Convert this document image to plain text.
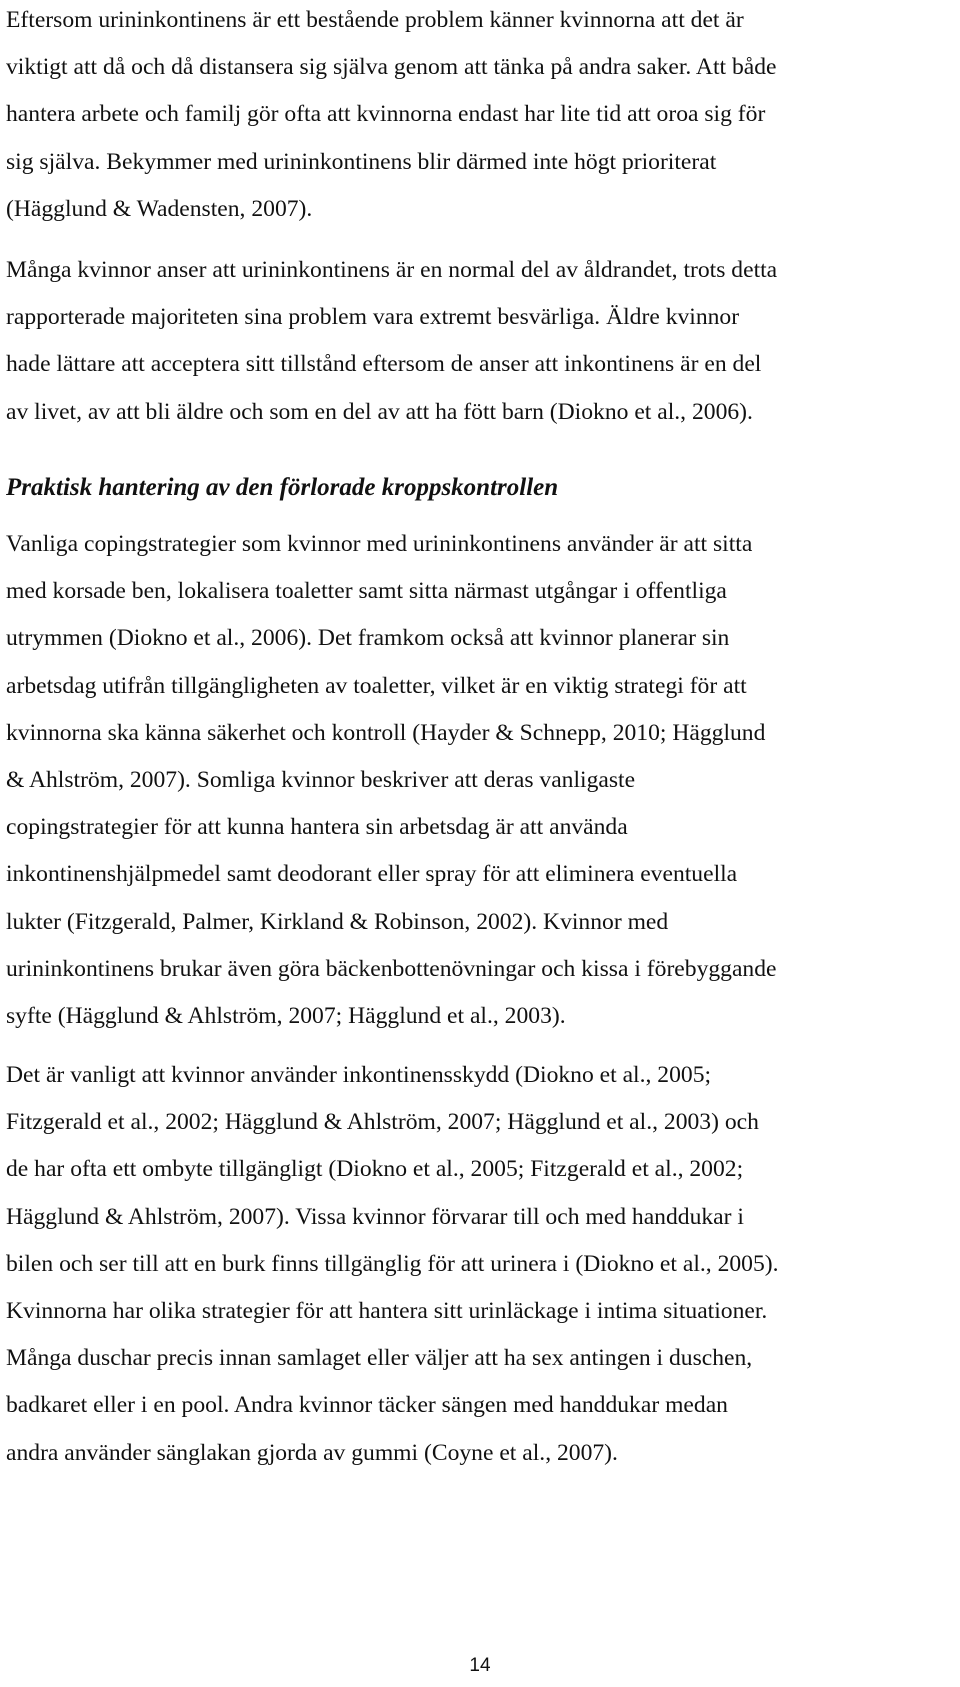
Eftersom urininkontinens är ett bestående problem känner kvinnorna att det är
viktigt att då och då distansera sig själva genom att tänka på andra saker. Att både
hantera arbete och familj gör ofta att kvinnorna endast har lite tid att oroa sig för
sig själva. Bekymmer med urininkontinens blir därmed inte högt prioriterat
(Hägglund & Wadensten, 2007).
Många kvinnor anser att urininkontinens är en normal del av åldrandet, trots detta
rapporterade majoriteten sina problem vara extremt besvärliga. Äldre kvinnor
hade lättare att acceptera sitt tillstånd eftersom de anser att inkontinens är en del
av livet, av att bli äldre och som en del av att ha fött barn (Diokno et al., 2006).
Praktisk hantering av den förlorade kroppskontrollen
Vanliga copingstrategier som kvinnor med urininkontinens använder är att sitta
med korsade ben, lokalisera toaletter samt sitta närmast utgångar i offentliga
utrymmen (Diokno et al., 2006). Det framkom också att kvinnor planerar sin
arbetsdag utifrån tillgängligheten av toaletter, vilket är en viktig strategi för att
kvinnorna ska känna säkerhet och kontroll (Hayder & Schnepp, 2010; Hägglund
& Ahlström, 2007). Somliga kvinnor beskriver att deras vanligaste
copingstrategier för att kunna hantera sin arbetsdag är att använda
inkontinenshjälpmedel samt deodorant eller spray för att eliminera eventuella
lukter (Fitzgerald, Palmer, Kirkland & Robinson, 2002). Kvinnor med
urininkontinens brukar även göra bäckenbottenövningar och kissa i förebyggande
syfte (Hägglund & Ahlström, 2007; Hägglund et al., 2003).
Det är vanligt att kvinnor använder inkontinensskydd (Diokno et al., 2005;
Fitzgerald et al., 2002; Hägglund & Ahlström, 2007; Hägglund et al., 2003) och
de har ofta ett ombyte tillgängligt (Diokno et al., 2005; Fitzgerald et al., 2002;
Hägglund & Ahlström, 2007). Vissa kvinnor förvarar till och med handdukar i
bilen och ser till att en burk finns tillgänglig för att urinera i (Diokno et al., 2005).
Kvinnorna har olika strategier för att hantera sitt urinläckage i intima situationer.
Många duschar precis innan samlaget eller väljer att ha sex antingen i duschen,
badkaret eller i en pool. Andra kvinnor täcker sängen med handdukar medan
andra använder sänglakan gjorda av gummi (Coyne et al., 2007).

14
